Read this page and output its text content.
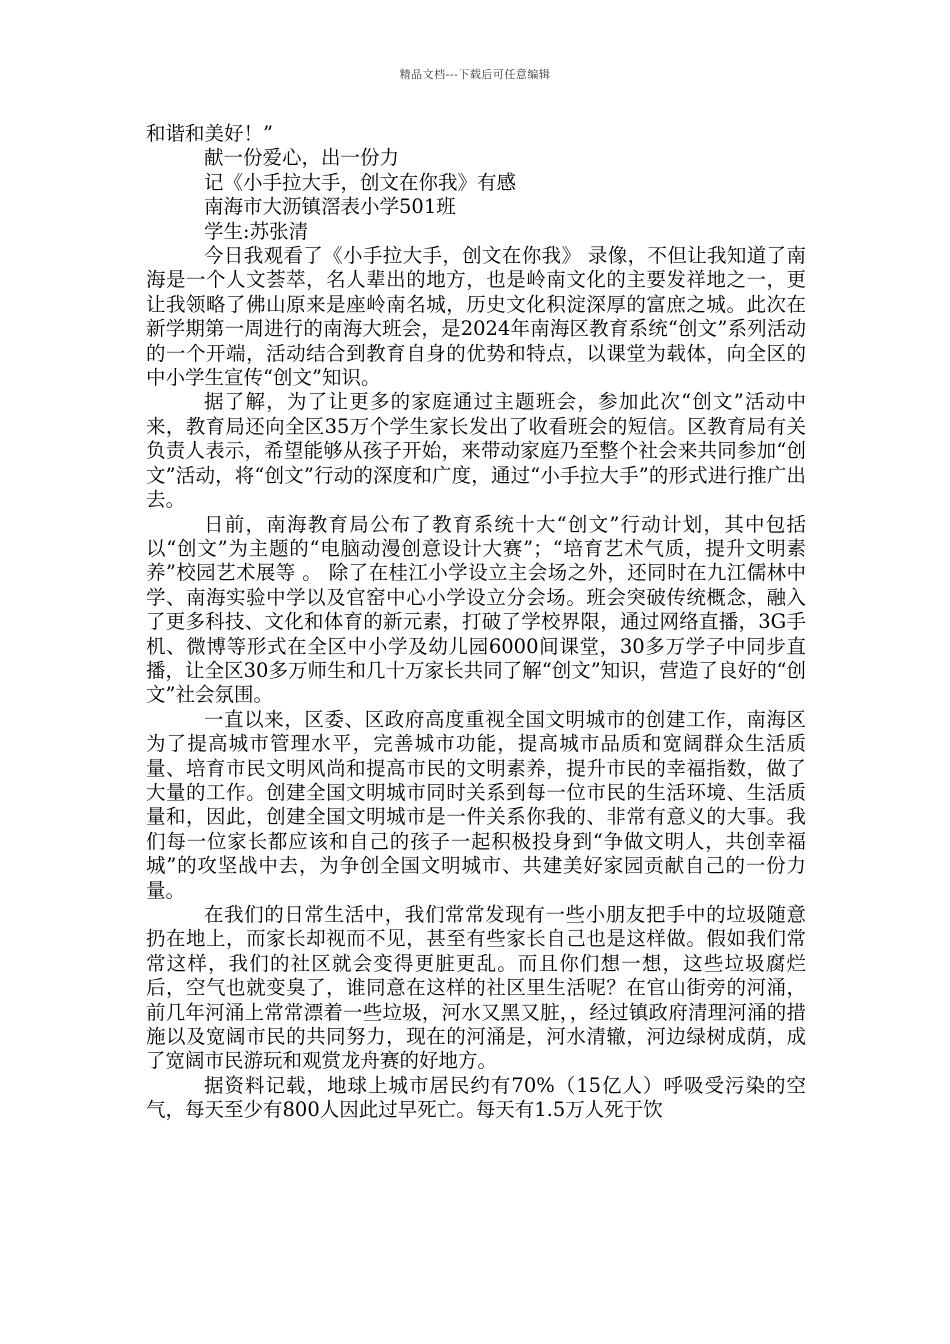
精品文档---下载后可任意编辑

和谐和美好！”

献一份爱心，出一份力

记《小手拉大手，创文在你我》有感

南海市大沥镇滘表小学501班

学生:苏张清

今日我观看了《小手拉大手，创文在你我》 录像，不但让我知道了南海是一个人文荟萃，名人辈出的地方，也是岭南文化的主要发祥地之一，更让我领略了佛山原来是座岭南名城，历史文化积淀深厚的富庶之城。此次在新学期第一周进行的南海大班会，是2024年南海区教育系统“创文”系列活动的一个开端，活动结合到教育自身的优势和特点，以课堂为载体，向全区的中小学生宣传“创文”知识。

据了解，为了让更多的家庭通过主题班会，参加此次“创文”活动中来，教育局还向全区35万个学生家长发出了收看班会的短信。区教育局有关负责人表示，希望能够从孩子开始，来带动家庭乃至整个社会来共同参加“创文”活动，将“创文”行动的深度和广度，通过“小手拉大手”的形式进行推广出去。

日前，南海教育局公布了教育系统十大“创文”行动计划，其中包括以“创文”为主题的“电脑动漫创意设计大赛”；“培育艺术气质，提升文明素养”校园艺术展等 。 除了在桂江小学设立主会场之外，还同时在九江儒林中学、南海实验中学以及官窑中心小学设立分会场。班会突破传统概念，融入了更多科技、文化和体育的新元素，打破了学校界限，通过网络直播，3G手机、微博等形式在全区中小学及幼儿园6000间课堂，30多万学子中同步直播，让全区30多万师生和几十万家长共同了解“创文”知识，营造了良好的“创文”社会氛围。

一直以来，区委、区政府高度重视全国文明城市的创建工作，南海区为了提高城市管理水平，完善城市功能，提高城市品质和宽阔群众生活质量、培育市民文明风尚和提高市民的文明素养，提升市民的幸福指数，做了大量的工作。创建全国文明城市同时关系到每一位市民的生活环境、生活质量和，因此，创建全国文明城市是一件关系你我的、非常有意义的大事。我们每一位家长都应该和自己的孩子一起积极投身到“争做文明人，共创幸福城”的攻坚战中去，为争创全国文明城市、共建美好家园贡献自己的一份力量。

在我们的日常生活中，我们常常发现有一些小朋友把手中的垃圾随意扔在地上，而家长却视而不见，甚至有些家长自己也是这样做。假如我们常常这样，我们的社区就会变得更脏更乱。而且你们想一想，这些垃圾腐烂后，空气也就变臭了，谁同意在这样的社区里生活呢？在官山街旁的河涌，前几年河涌上常常漂着一些垃圾，河水又黑又脏，，经过镇政府清理河涌的措施以及宽阔市民的共同努力，现在的河涌是，河水清辙，河边绿树成荫，成了宽阔市民游玩和观赏龙舟赛的好地方。

据资料记载，地球上城市居民约有70%（15亿人）呼吸受污染的空气，每天至少有800人因此过早死亡。每天有1.5万人死于饮
